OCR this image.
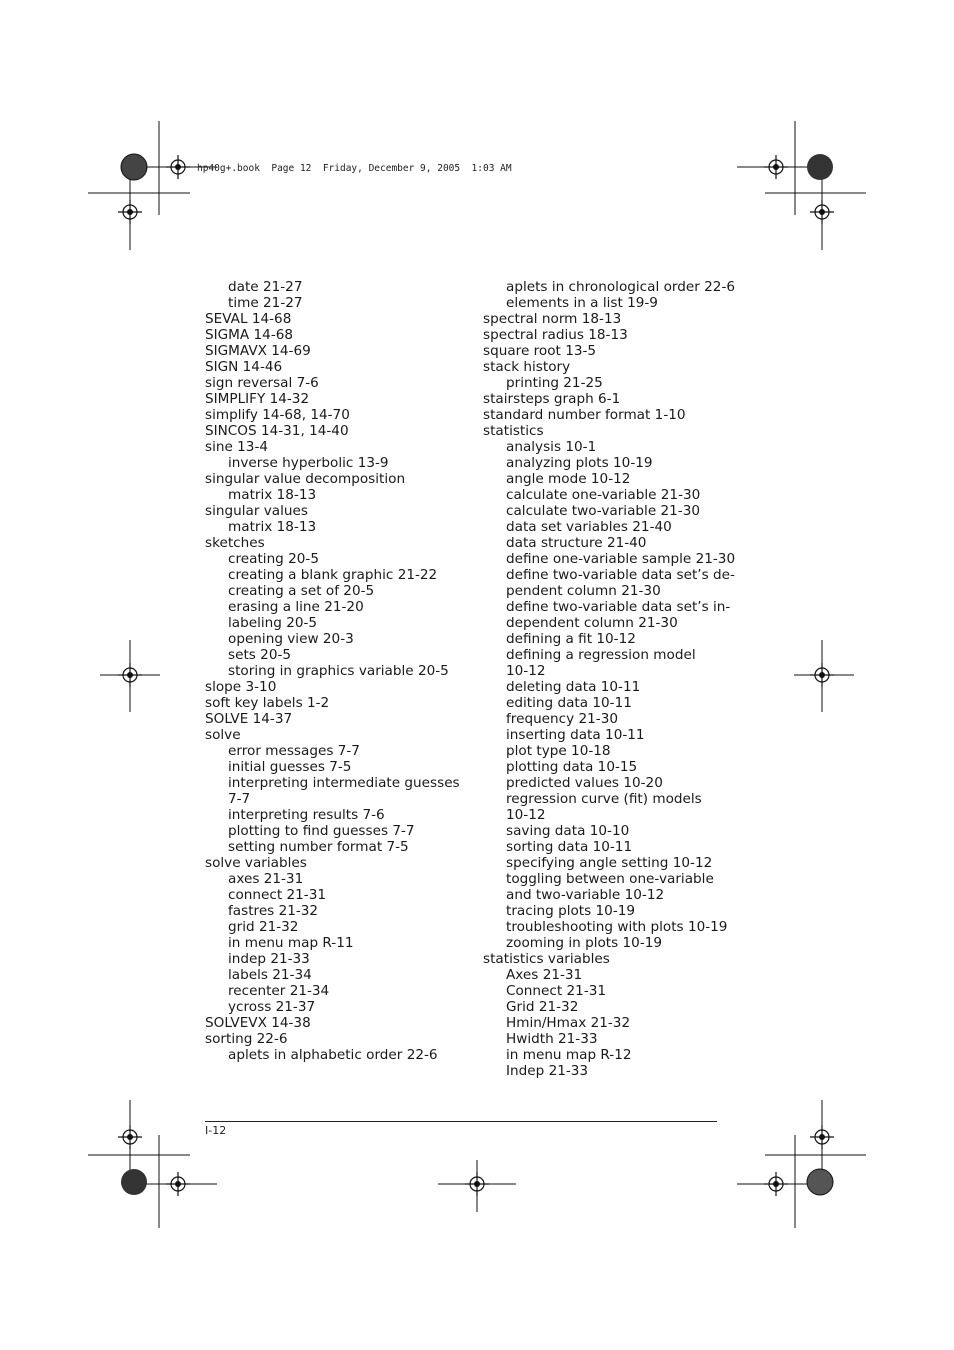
hp40g+.book  Page 12  Friday, December 9, 2005  1:03 AM
date 21-27
time 21-27
SEVAL 14-68
SIGMA 14-68
SIGMAVX 14-69
SIGN 14-46
sign reversal 7-6
SIMPLIFY 14-32
simplify 14-68, 14-70
SINCOS 14-31, 14-40
sine 13-4
inverse hyperbolic 13-9
singular value decomposition
matrix 18-13
singular values
matrix 18-13
sketches
creating 20-5
creating a blank graphic 21-22
creating a set of 20-5
erasing a line 21-20
labeling 20-5
opening view 20-3
sets 20-5
storing in graphics variable 20-5
slope 3-10
soft key labels 1-2
SOLVE 14-37
solve
error messages 7-7
initial guesses 7-5
interpreting intermediate guesses
7-7
interpreting results 7-6
plotting to find guesses 7-7
setting number format 7-5
solve variables
axes 21-31
connect 21-31
fastres 21-32
grid 21-32
in menu map R-11
indep 21-33
labels 21-34
recenter 21-34
ycross 21-37
SOLVEVX 14-38
sorting 22-6
aplets in alphabetic order 22-6
aplets in chronological order 22-6
elements in a list 19-9
spectral norm 18-13
spectral radius 18-13
square root 13-5
stack history
printing 21-25
stairsteps graph 6-1
standard number format 1-10
statistics
analysis 10-1
analyzing plots 10-19
angle mode 10-12
calculate one-variable 21-30
calculate two-variable 21-30
data set variables 21-40
data structure 21-40
define one-variable sample 21-30
define two-variable data set’s de-
pendent column 21-30
define two-variable data set’s in-
dependent column 21-30
defining a fit 10-12
defining a regression model
10-12
deleting data 10-11
editing data 10-11
frequency 21-30
inserting data 10-11
plot type 10-18
plotting data 10-15
predicted values 10-20
regression curve (fit) models
10-12
saving data 10-10
sorting data 10-11
specifying angle setting 10-12
toggling between one-variable
and two-variable 10-12
tracing plots 10-19
troubleshooting with plots 10-19
zooming in plots 10-19
statistics variables
Axes 21-31
Connect 21-31
Grid 21-32
Hmin/Hmax 21-32
Hwidth 21-33
in menu map R-12
Indep 21-33
I-12
